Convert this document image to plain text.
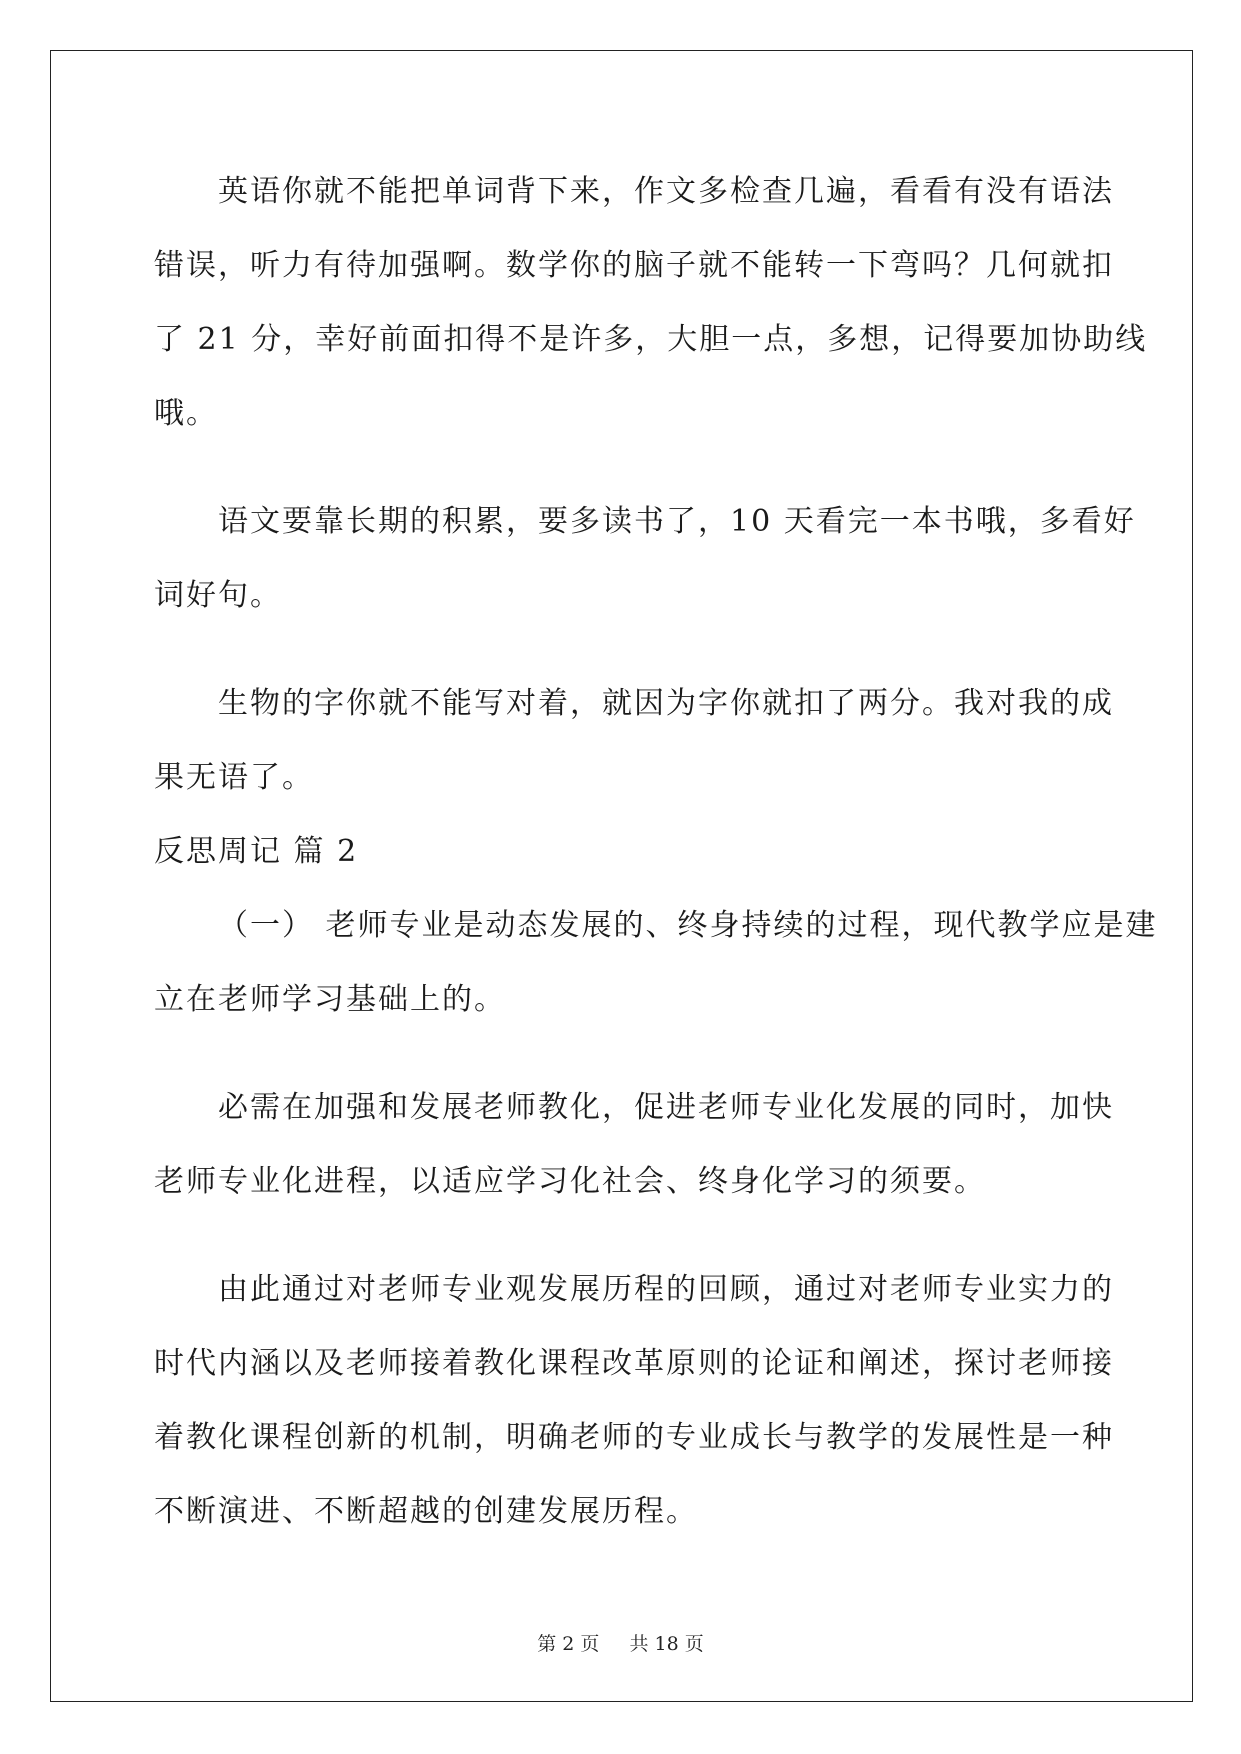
英语你就不能把单词背下来，作文多检查几遍，看看有没有语法
错误，听力有待加强啊。数学你的脑子就不能转一下弯吗？几何就扣
了 21 分，幸好前面扣得不是许多，大胆一点，多想，记得要加协助线
哦。
语文要靠长期的积累，要多读书了，10 天看完一本书哦，多看好
词好句。
生物的字你就不能写对着，就因为字你就扣了两分。我对我的成
果无语了。
反思周记 篇 2
（一） 老师专业是动态发展的、终身持续的过程，现代教学应是建
立在老师学习基础上的。
必需在加强和发展老师教化，促进老师专业化发展的同时，加快
老师专业化进程，以适应学习化社会、终身化学习的须要。
由此通过对老师专业观发展历程的回顾，通过对老师专业实力的
时代内涵以及老师接着教化课程改革原则的论证和阐述，探讨老师接
着教化课程创新的机制，明确老师的专业成长与教学的发展性是一种
不断演进、不断超越的创建发展历程。
第 2 页 共 18 页
